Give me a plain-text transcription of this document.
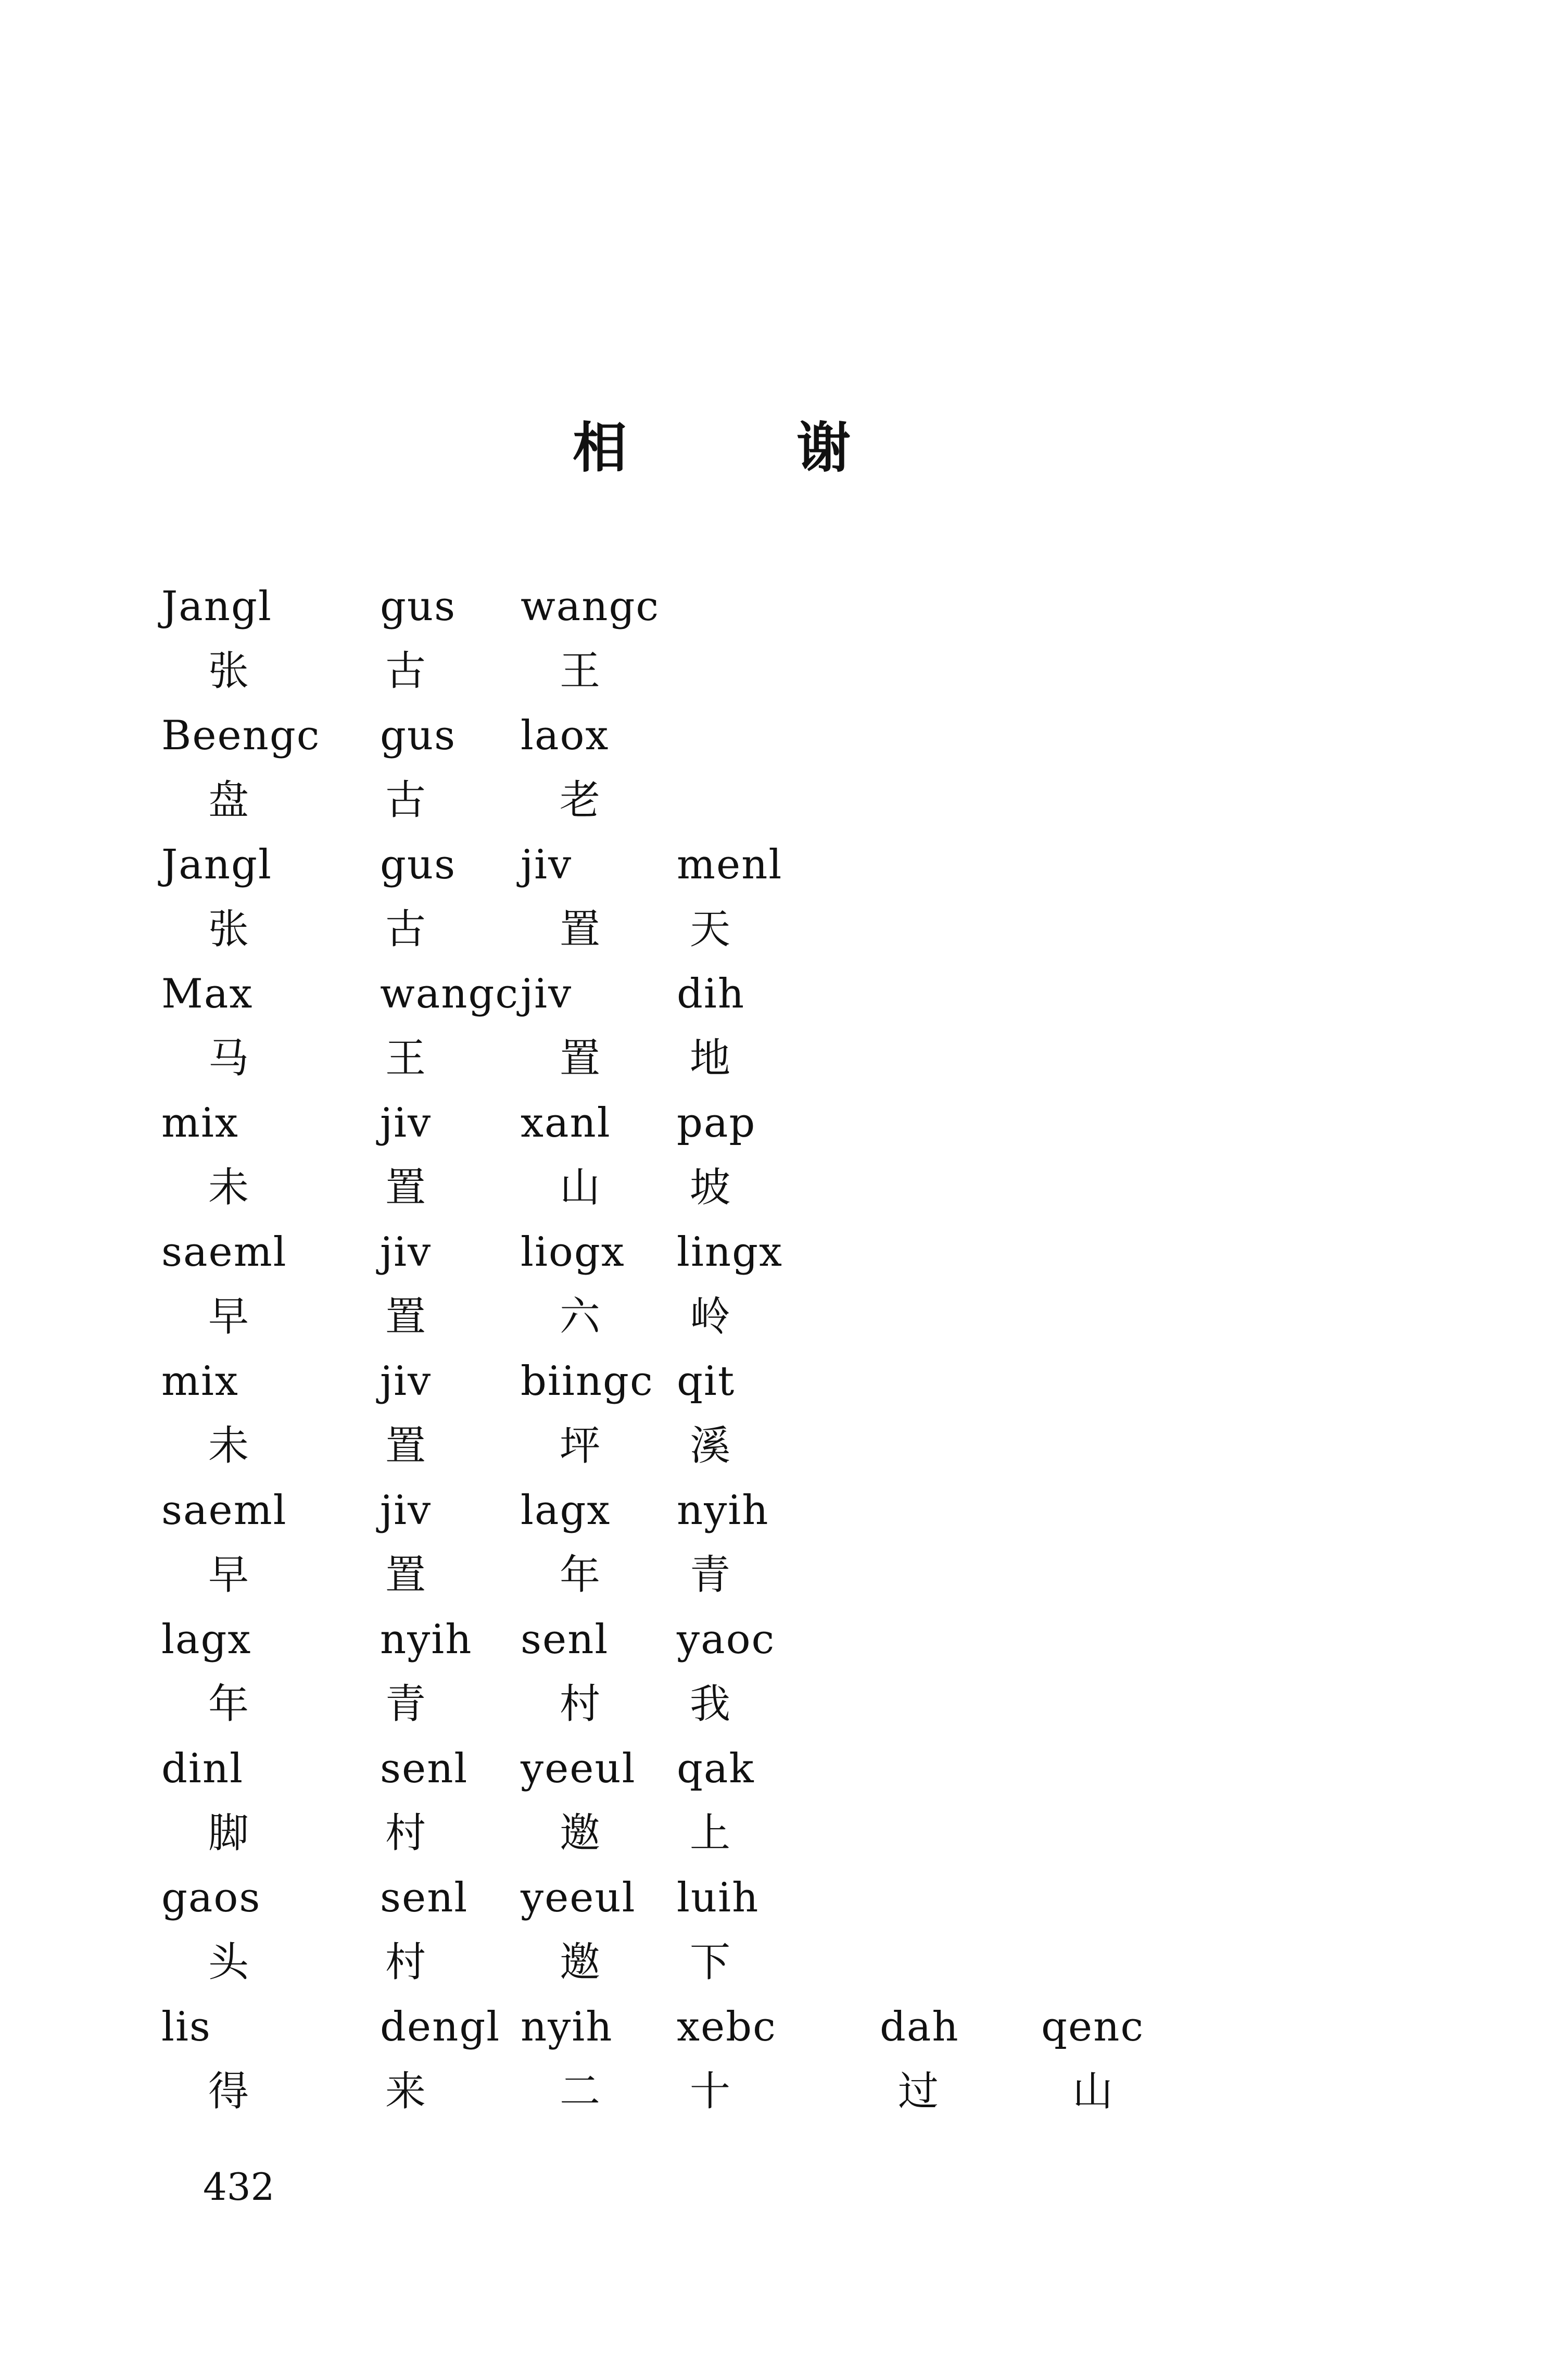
相	谢
Jangl	gus wangc
张	古	王
Beengc gus laox
盘	古	老
Jangl	gus jiv	menl
张	古	置 天
Max	wangc jiv	dih
马	王	置 地
mix	jiv xanl pap
未	置	山 坡
saeml jiv liogx lingx
早	置	六 岭
mix	jiv biingc qit
未	置	坪 溪
saeml jiv lagx nyih
早	置	年 青
lagx	nyih senl yaoc
年	青	村 我
dinl	senl yeeul qak
脚	村	邀 上
gaos	senl yeeul luih
头	村	邀 下
lis	dengl nyih xebc	dah qenc
得	来	二 十	过	山
432
